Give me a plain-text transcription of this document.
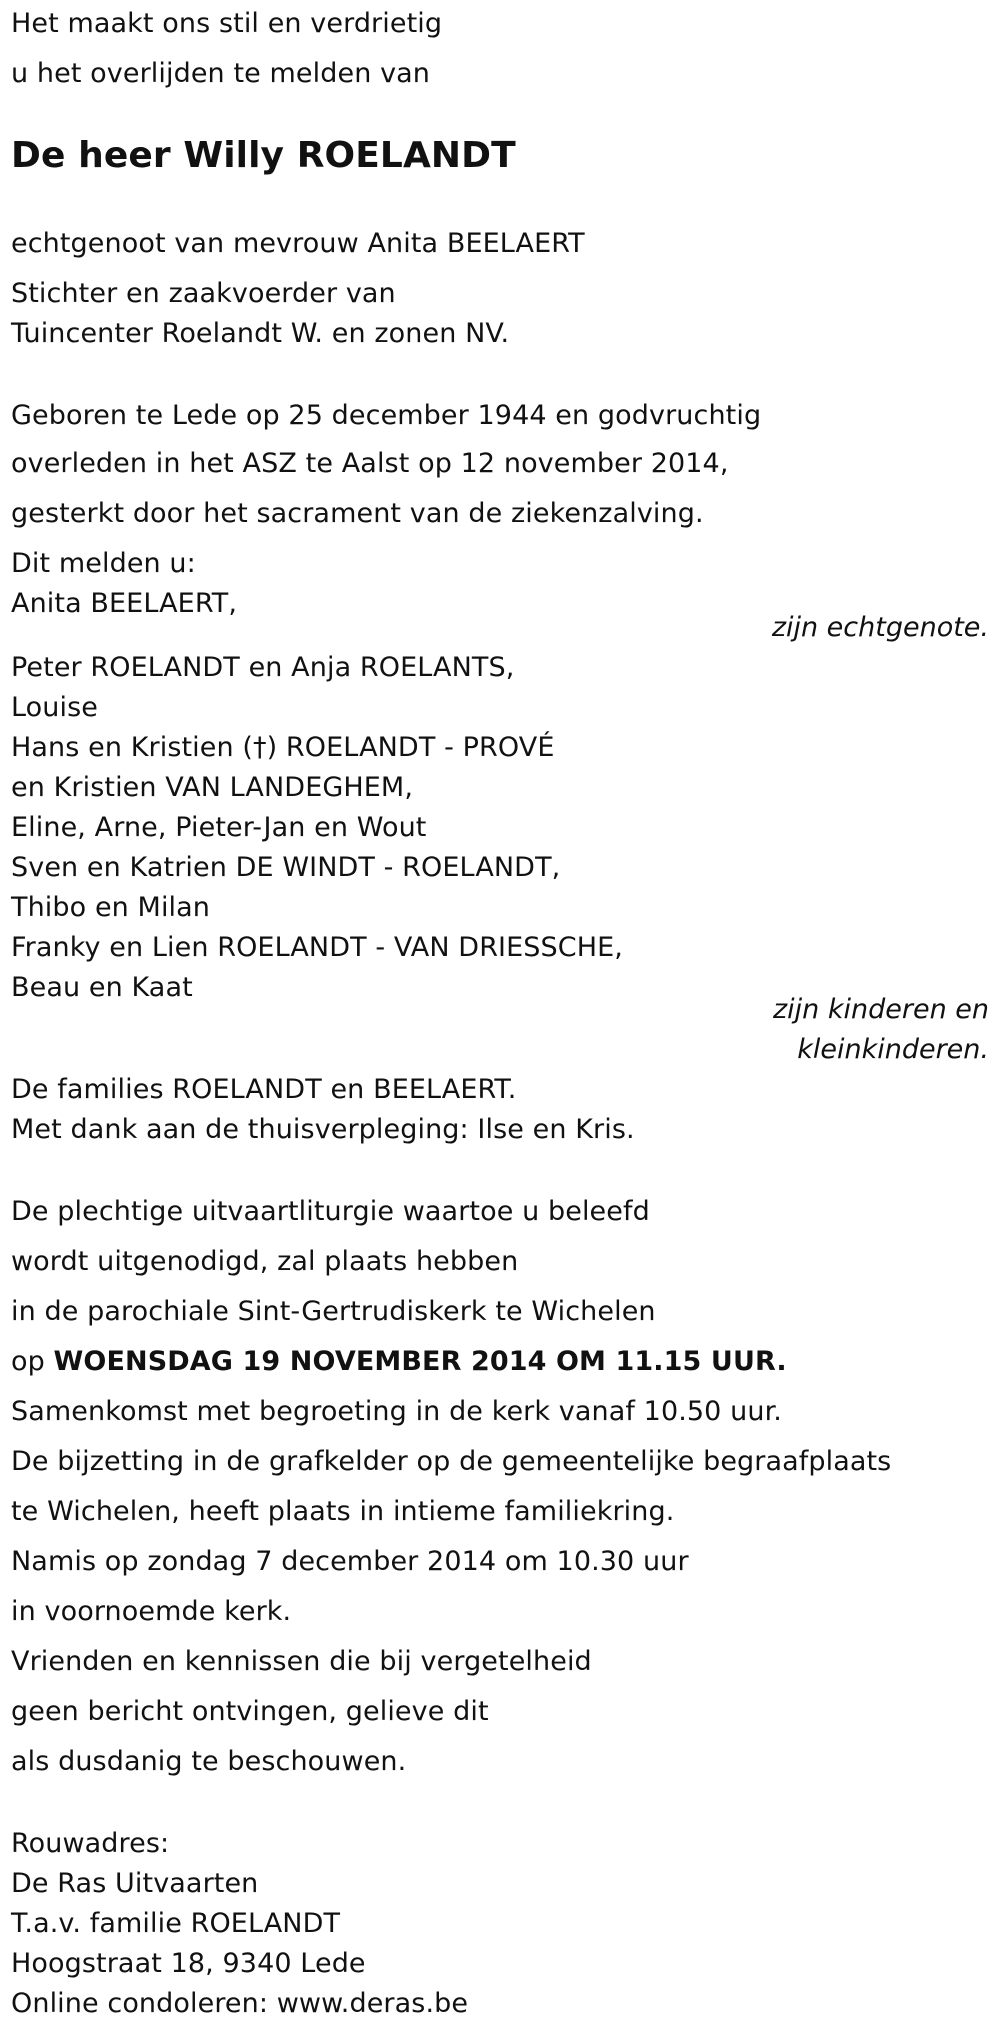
Het maakt ons stil en verdrietig
u het overlijden te melden van
De heer Willy ROELANDT
echtgenoot van mevrouw Anita BEELAERT
Stichter en zaakvoerder van
Tuincenter Roelandt W. en zonen NV.
Geboren te Lede op 25 december 1944 en godvruchtig
overleden in het ASZ te Aalst op 12 november 2014,
gesterkt door het sacrament van de ziekenzalving.
Dit melden u:
Anita BEELAERT,
zijn echtgenote.
Peter ROELANDT en Anja ROELANTS,
Louise
Hans en Kristien (†) ROELANDT - PROVÉ
en Kristien VAN LANDEGHEM,
Eline, Arne, Pieter-Jan en Wout
Sven en Katrien DE WINDT - ROELANDT,
Thibo en Milan
Franky en Lien ROELANDT - VAN DRIESSCHE,
Beau en Kaat
zijn kinderen en
kleinkinderen.
De families ROELANDT en BEELAERT.
Met dank aan de thuisverpleging: Ilse en Kris.
De plechtige uitvaartliturgie waartoe u beleefd
wordt uitgenodigd, zal plaats hebben
in de parochiale Sint-Gertrudiskerk te Wichelen
op WOENSDAG 19 NOVEMBER 2014 OM 11.15 UUR.
Samenkomst met begroeting in de kerk vanaf 10.50 uur.
De bijzetting in de grafkelder op de gemeentelijke begraafplaats
te Wichelen, heeft plaats in intieme familiekring.
Namis op zondag 7 december 2014 om 10.30 uur
in voornoemde kerk.
Vrienden en kennissen die bij vergetelheid
geen bericht ontvingen, gelieve dit
als dusdanig te beschouwen.
Rouwadres:
De Ras Uitvaarten
T.a.v. familie ROELANDT
Hoogstraat 18, 9340 Lede
Online condoleren: www.deras.be
